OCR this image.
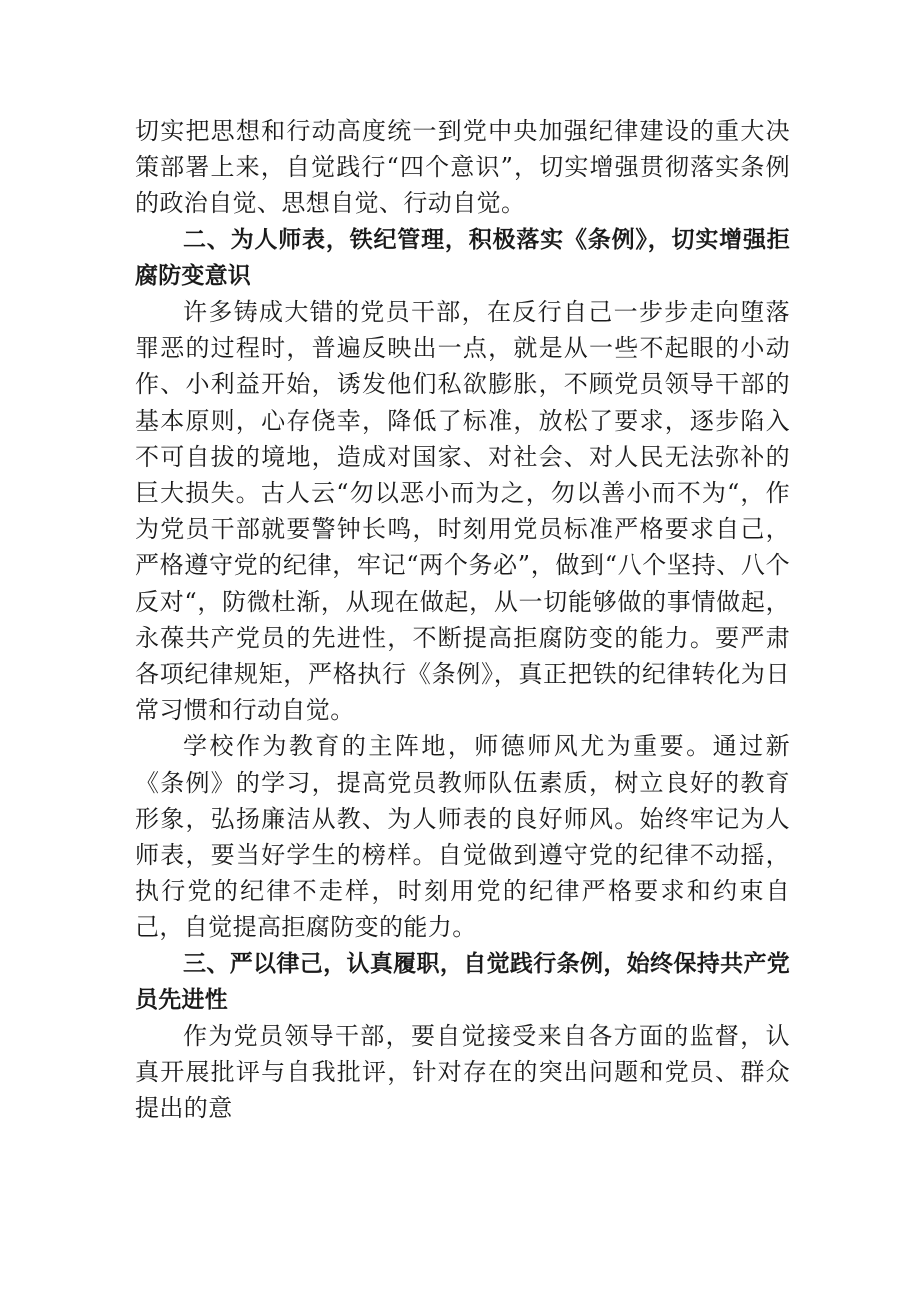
切实把思想和行动高度统一到党中央加强纪律建设的重大决策部署上来，自觉践行“四个意识”，切实增强贯彻落实条例的政治自觉、思想自觉、行动自觉。

二、为人师表，铁纪管理，积极落实《条例》，切实增强拒腐防变意识

许多铸成大错的党员干部，在反行自己一步步走向堕落罪恶的过程时，普遍反映出一点，就是从一些不起眼的小动作、小利益开始，诱发他们私欲膨胀，不顾党员领导干部的基本原则，心存侥幸，降低了标准，放松了要求，逐步陷入不可自拔的境地，造成对国家、对社会、对人民无法弥补的巨大损失。古人云“勿以恶小而为之，勿以善小而不为“，作为党员干部就要警钟长鸣，时刻用党员标准严格要求自己，严格遵守党的纪律，牢记“两个务必”，做到“八个坚持、八个反对“，防微杜渐，从现在做起，从一切能够做的事情做起，永葆共产党员的先进性，不断提高拒腐防变的能力。要严肃各项纪律规矩，严格执行《条例》，真正把铁的纪律转化为日常习惯和行动自觉。

学校作为教育的主阵地，师德师风尤为重要。通过新《条例》的学习，提高党员教师队伍素质，树立良好的教育形象，弘扬廉洁从教、为人师表的良好师风。始终牢记为人师表，要当好学生的榜样。自觉做到遵守党的纪律不动摇，执行党的纪律不走样，时刻用党的纪律严格要求和约束自己，自觉提高拒腐防变的能力。

三、严以律己，认真履职，自觉践行条例，始终保持共产党员先进性

作为党员领导干部，要自觉接受来自各方面的监督，认真开展批评与自我批评，针对存在的突出问题和党员、群众提出的意
